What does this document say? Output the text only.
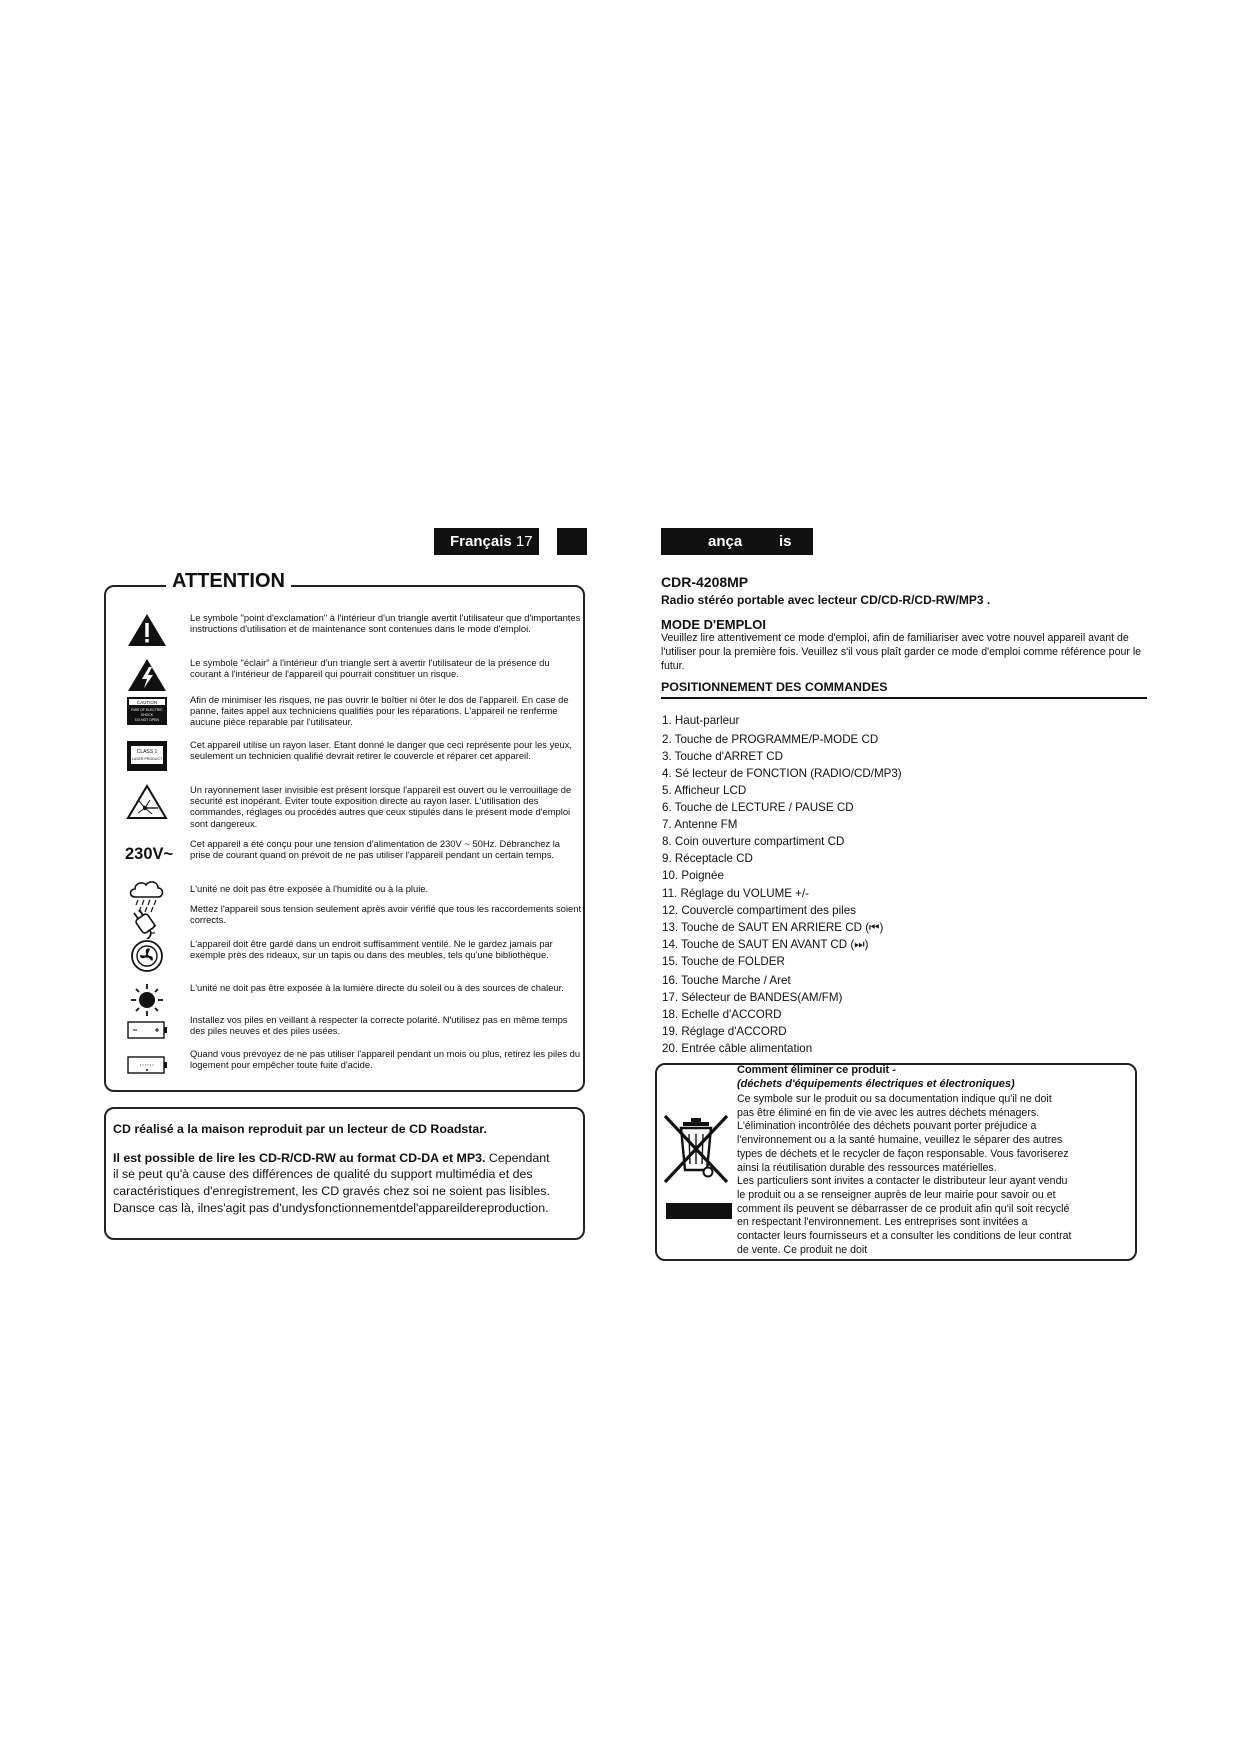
Français 17	ança is
ATTENTION
Le symbole "point d'exclamation" à l'intérieur d'un triangle avertit l'utilisateur que d'importantes instructions d'utilisation et de maintenance sont contenues dans le mode d'emploi.
Le symbole "éclair" à l'intérieur d'un triangle sert à avertir l'utilisateur de la présence du courant à l'intérieur de l'appareil qui pourrait constituer un risque.
CAUTION
RISK OF ELECTRIC
SHOCK
DO NOT OPEN
Afin de minimiser les risques, ne pas ouvrir le boîtier ni ôter le dos de l'appareil. En case de panne, faites appel aux techniciens qualifiés pour les réparations. L'appareil ne renferme aucune pièce reparable par l'utilisateur.
CLASS 1
LASER PRODUCT
Cet appareil utilise un rayon laser. Etant donné le danger que ceci représente pour les yeux, seulement un technicien qualifié devrait retirer le couvercle et réparer cet appareil.
Un rayonnement laser invisible est présent lorsque l'appareil est ouvert ou le verrouillage de sécurité est inopérant. Eviter toute exposition directe au rayon laser. L'utilisation des commandes, réglages ou procédés autres que ceux stipulés dans le présent mode d'emploi sont dangereux.
230V~
Cet appareil a été conçu pour une tension d'alimentation de 230V ~ 50Hz. Débranchez la prise de courant quand on prévoit de ne pas utiliser l'appareil pendant un certain temps.
L'unité ne doit pas être exposée à l'humidité ou à la pluie.
Mettez l'appareil sous tension seulement après avoir vérifié que tous les raccordements soient corrects.
L'appareil doit être gardé dans un endroit suffisamment ventilé. Ne le gardez jamais par exemple près des rideaux, sur un tapis ou dans des meubles, tels qu'une bibliothèque.
L'unité ne doit pas être exposée à la lumière directe du soleil ou à des sources de chaleur.
Installez vos piles en veillant à respecter la correcte polarité. N'utilisez pas en même temps des piles neuves et des piles usées.
Quand vous prévoyez de ne pas utiliser l'appareil pendant un mois ou plus, retirez les piles du logement pour empêcher toute fuite d'acide.
CD réalisé a la maison reproduit par un lecteur de CD Roadstar.
Il est possible de lire les CD-R/CD-RW au format CD-DA et MP3. Cependant
il se peut qu'à cause des différences de qualité du support multimédia et des
caractéristiques d'enregistrement, les CD gravés chez soi ne soient pas lisibles.
Dansce cas là, ilnes'agit pas d'undysfonctionnementdel'appareildereproduction.
CDR-4208MP
Radio stéréo portable avec lecteur CD/CD-R/CD-RW/MP3 .
MODE D'EMPLOI
Veuillez lire attentivement ce mode d'emploi, afin de familiariser avec votre nouvel appareil avant de l'utiliser pour la première fois. Veuillez s'il vous plaît garder ce mode d'emploi comme référence pour le futur.
POSITIONNEMENT DES COMMANDES
1. Haut-parleur
2. Touche de PROGRAMME/P-MODE CD
3. Touche d'ARRET CD
4. Sé lecteur de FONCTION (RADIO/CD/MP3)
5. Afficheur LCD
6. Touche de LECTURE / PAUSE CD
7. Antenne FM
8. Coin ouverture compartiment CD
9. Réceptacle CD
10. Poignée
11. Réglage du VOLUME +/-
12. Couvercle compartiment des piles
13. Touche de SAUT EN ARRIERE CD (⏮)
14. Touche de SAUT EN AVANT CD (⏭)
15. Touche de FOLDER
16. Touche Marche / Aret
17. Sélecteur de BANDES(AM/FM)
18. Echelle d'ACCORD
19. Réglage d'ACCORD
20. Entrée câble alimentation
Comment éliminer ce produit -
(déchets d'équipements électriques et électroniques)
Ce symbole sur le produit ou sa documentation indique qu'il ne doit
pas être éliminé en fin de vie avec les autres déchets ménagers.
L'élimination incontrôlée des déchets pouvant porter préjudice a
l'environnement ou a la santé humaine, veuillez le séparer des autres
types de déchets et le recycler de façon responsable. Vous favoriserez
ainsi la réutilisation durable des ressources matérielles.
Les particuliers sont invites a contacter le distributeur leur ayant vendu
le produit ou a se renseigner auprès de leur mairie pour savoir ou et
comment ils peuvent se débarrasser de ce produit afin qu'il soit recyclé
en respectant l'environnement. Les entreprises sont invitées a
contacter leurs fournisseurs et a consulter les conditions de leur contrat
de vente. Ce produit ne doit
